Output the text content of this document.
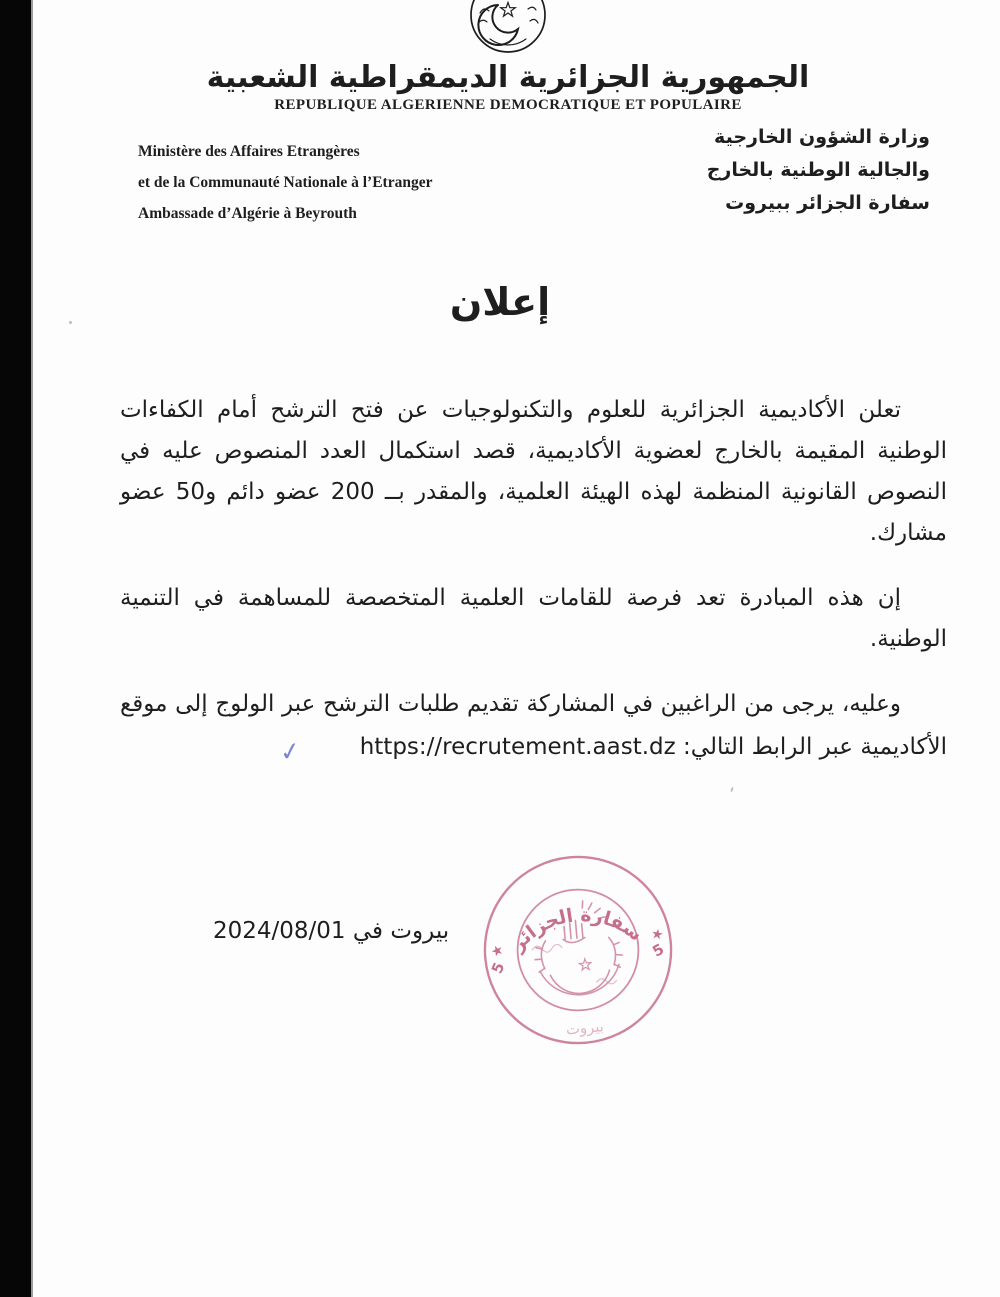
الجمهورية الجزائرية الديمقراطية الشعبية
REPUBLIQUE ALGERIENNE DEMOCRATIQUE ET POPULAIRE
Ministère des Affaires Etrangères
et de la Communauté Nationale à l’Etranger
Ambassade d’Algérie à Beyrouth
وزارة الشؤون الخارجية
والجالية الوطنية بالخارج
سفارة الجزائر ببيروت
إعلان

تعلن الأكاديمية الجزائرية للعلوم والتكنولوجيات عن فتح الترشح أمام الكفاءات الوطنية المقيمة بالخارج لعضوية الأكاديمية، قصد استكمال العدد المنصوص عليه في النصوص القانونية المنظمة لهذه الهيئة العلمية، والمقدر بــ 200 عضو دائم و50 عضو مشارك.

إن هذه المبادرة تعد فرصة للقامات العلمية المتخصصة للمساهمة في التنمية الوطنية.

وعليه، يرجى من الراغبين في المشاركة تقديم طلبات الترشح عبر الولوج إلى موقع الأكاديمية عبر الرابط التالي: https://recrutement.aast.dz ✓

بيروت في 2024/08/01
سفارة الجزائر
بيروت
★
5
★
5
